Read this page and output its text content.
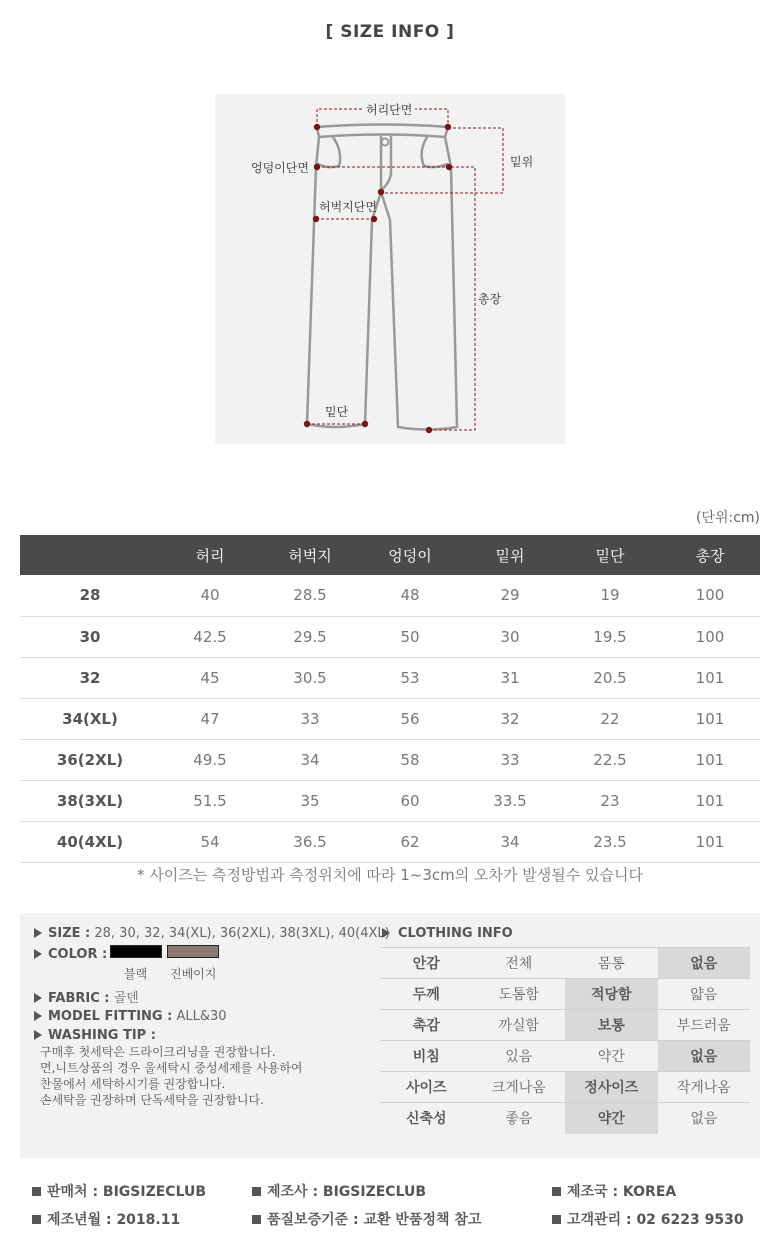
[ SIZE INFO ]
허리단면
엉덩이단면	밑위
허벅지단면
총장
밑단
(단위:cm)
	허리	허벅지	엉덩이	밑위	밑단	총장
28	40	28.5	48	29	19	100
30	42.5	29.5	50	30	19.5	100
32	45	30.5	53	31	20.5	101
34(XL)	47	33	56	32	22	101
36(2XL)	49.5	34	58	33	22.5	101
38(3XL)	51.5	35	60	33.5	23	101
40(4XL)	54	36.5	62	34	23.5	101
* 사이즈는 측정방법과 측정위치에 따라 1~3cm의 오차가 발생될수 있습니다
SIZE : 28, 30, 32, 34(XL), 36(2XL), 38(3XL), 40(4XL)
COLOR :
블랙 진베이지
FABRIC : 골덴
MODEL FITTING : ALL&30
WASHING TIP :
구매후 첫세탁은 드라이크리닝을 권장합니다.
면,니트상품의 경우 울세탁시 중성세제를 사용하여
찬물에서 세탁하시기를 권장합니다.
손세탁을 권장하며 단독세탁을 권장합니다.
CLOTHING INFO
안감	전체	몸통	없음
두께	도톰함	적당함	얇음
촉감	까실함	보통	부드러움
비침	있음	약간	없음
사이즈	크게나옴	정사이즈	작게나옴
신축성	좋음	약간	없음
판매처 : BIGSIZECLUB	제조사 : BIGSIZECLUB	제조국 : KOREA
제조년월 : 2018.11	품질보증기준 : 교환 반품정책 참고	고객관리 : 02 6223 9530
